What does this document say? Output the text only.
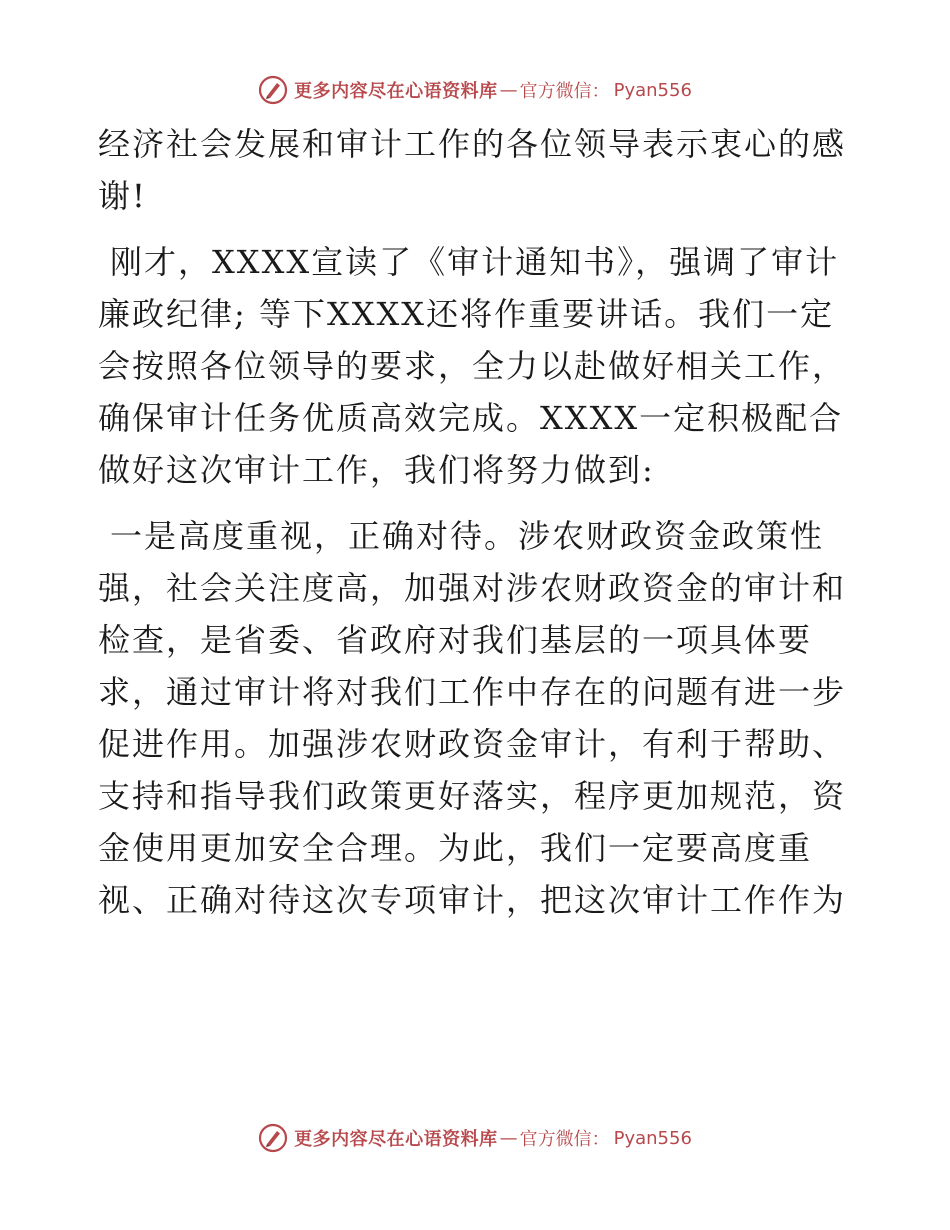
更多内容尽在心语资料库 — 官方微信： Pyan556

经济社会发展和审计工作的各位领导表示衷心的感谢!

刚才，XXXX宣读了《审计通知书》，强调了审计廉政纪律; 等下XXXX还将作重要讲话。我们一定会按照各位领导的要求，全力以赴做好相关工作，确保审计任务优质高效完成。XXXX一定积极配合做好这次审计工作，我们将努力做到:

一是高度重视，正确对待。涉农财政资金政策性强，社会关注度高，加强对涉农财政资金的审计和检查，是省委、省政府对我们基层的一项具体要求，通过审计将对我们工作中存在的问题有进一步促进作用。加强涉农财政资金审计，有利于帮助、支持和指导我们政策更好落实，程序更加规范，资金使用更加安全合理。为此，我们一定要高度重视、正确对待这次专项审计，把这次审计工作作为

更多内容尽在心语资料库 — 官方微信： Pyan556
